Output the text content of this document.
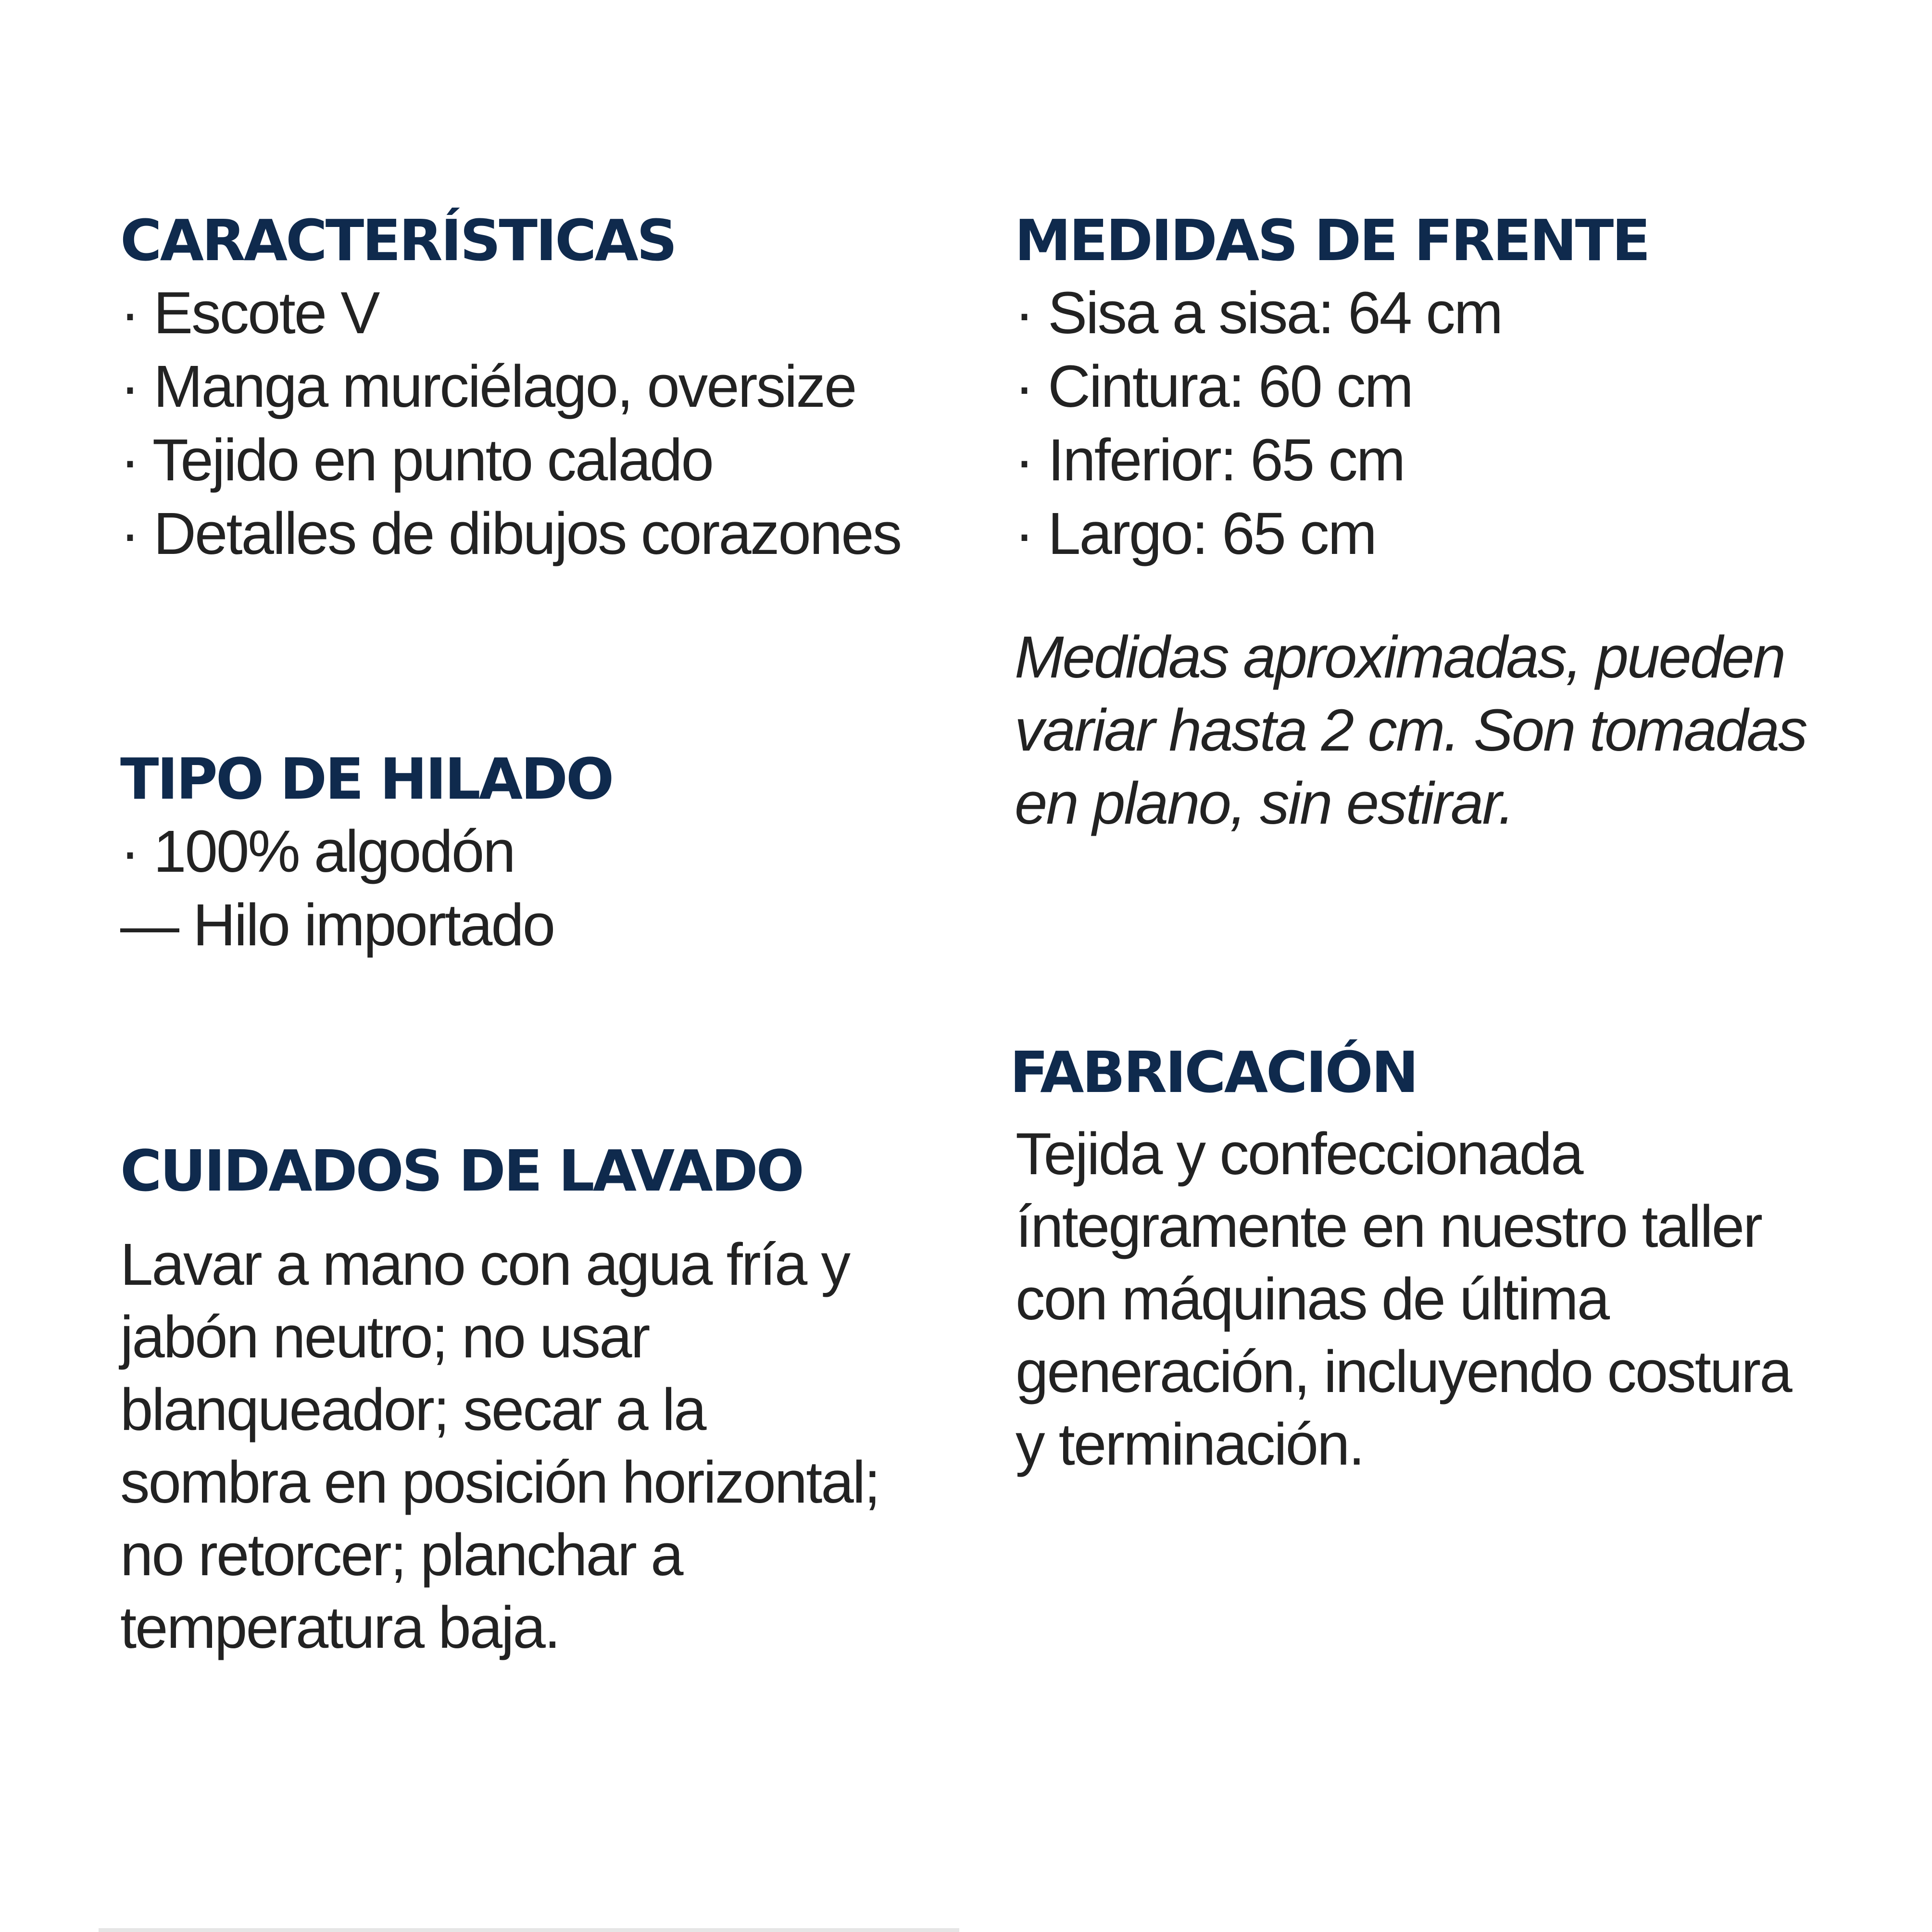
CARACTERÍSTICAS
· Escote V
· Manga murciélago, oversize
· Tejido en punto calado
· Detalles de dibujos corazones
TIPO DE HILADO
· 100% algodón
— Hilo importado
CUIDADOS DE LAVADO

Lavar a mano con agua fría y

jabón neutro; no usar

blanqueador; secar a la

sombra en posición horizontal;

no retorcer; planchar a

temperatura baja.

MEDIDAS DE FRENTE
· Sisa a sisa: 64 cm
· Cintura: 60 cm
· Inferior: 65 cm
· Largo: 65 cm

Medidas aproximadas, pueden

variar hasta 2 cm. Son tomadas

en plano, sin estirar.

FABRICACIÓN

Tejida y confeccionada

íntegramente en nuestro taller

con máquinas de última

generación, incluyendo costura

y terminación.
